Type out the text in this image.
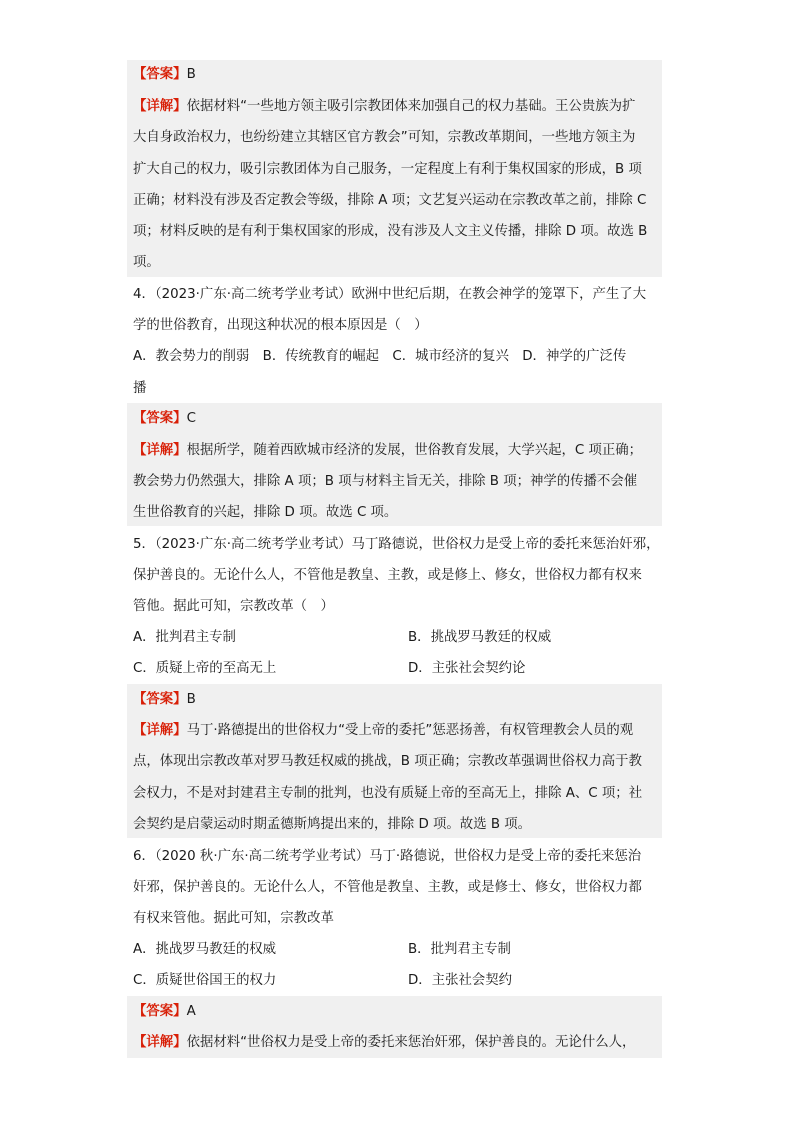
【答案】B
【详解】依据材料“一些地方领主吸引宗教团体来加强自己的权力基础。王公贵族为扩
大自身政治权力，也纷纷建立其辖区官方教会”可知，宗教改革期间，一些地方领主为
扩大自己的权力，吸引宗教团体为自己服务，一定程度上有利于集权国家的形成，B 项
正确；材料没有涉及否定教会等级，排除 A 项；文艺复兴运动在宗教改革之前，排除 C
项；材料反映的是有利于集权国家的形成，没有涉及人文主义传播，排除 D 项。故选 B
项。
4．（2023·广东·高二统考学业考试）欧洲中世纪后期，在教会神学的笼罩下，产生了大
学的世俗教育，出现这种状况的根本原因是（　）
A．教会势力的削弱　B．传统教育的崛起　C．城市经济的复兴　D．神学的广泛传
播
【答案】C
【详解】根据所学，随着西欧城市经济的发展，世俗教育发展，大学兴起，C 项正确；
教会势力仍然强大，排除 A 项；B 项与材料主旨无关，排除 B 项；神学的传播不会催
生世俗教育的兴起，排除 D 项。故选 C 项。
5．（2023·广东·高二统考学业考试）马丁路德说，世俗权力是受上帝的委托来惩治奸邪，
保护善良的。无论什么人，不管他是教皇、主教，或是修上、修女，世俗权力都有权来
管他。据此可知，宗教改革（　）
A．批判君主专制	B．挑战罗马教廷的权威
C．质疑上帝的至高无上	D．主张社会契约论
【答案】B
【详解】马丁·路德提出的世俗权力“受上帝的委托”惩恶扬善，有权管理教会人员的观
点，体现出宗教改革对罗马教廷权威的挑战，B 项正确；宗教改革强调世俗权力高于教
会权力，不是对封建君主专制的批判，也没有质疑上帝的至高无上，排除 A、C 项；社
会契约是启蒙运动时期孟德斯鸠提出来的，排除 D 项。故选 B 项。
6．（2020 秋·广东·高二统考学业考试）马丁·路德说，世俗权力是受上帝的委托来惩治
奸邪，保护善良的。无论什么人，不管他是教皇、主教，或是修士、修女，世俗权力都
有权来管他。据此可知，宗教改革
A．挑战罗马教廷的权威	B．批判君主专制
C．质疑世俗国王的权力	D．主张社会契约
【答案】A
【详解】依据材料“世俗权力是受上帝的委托来惩治奸邪，保护善良的。无论什么人，
